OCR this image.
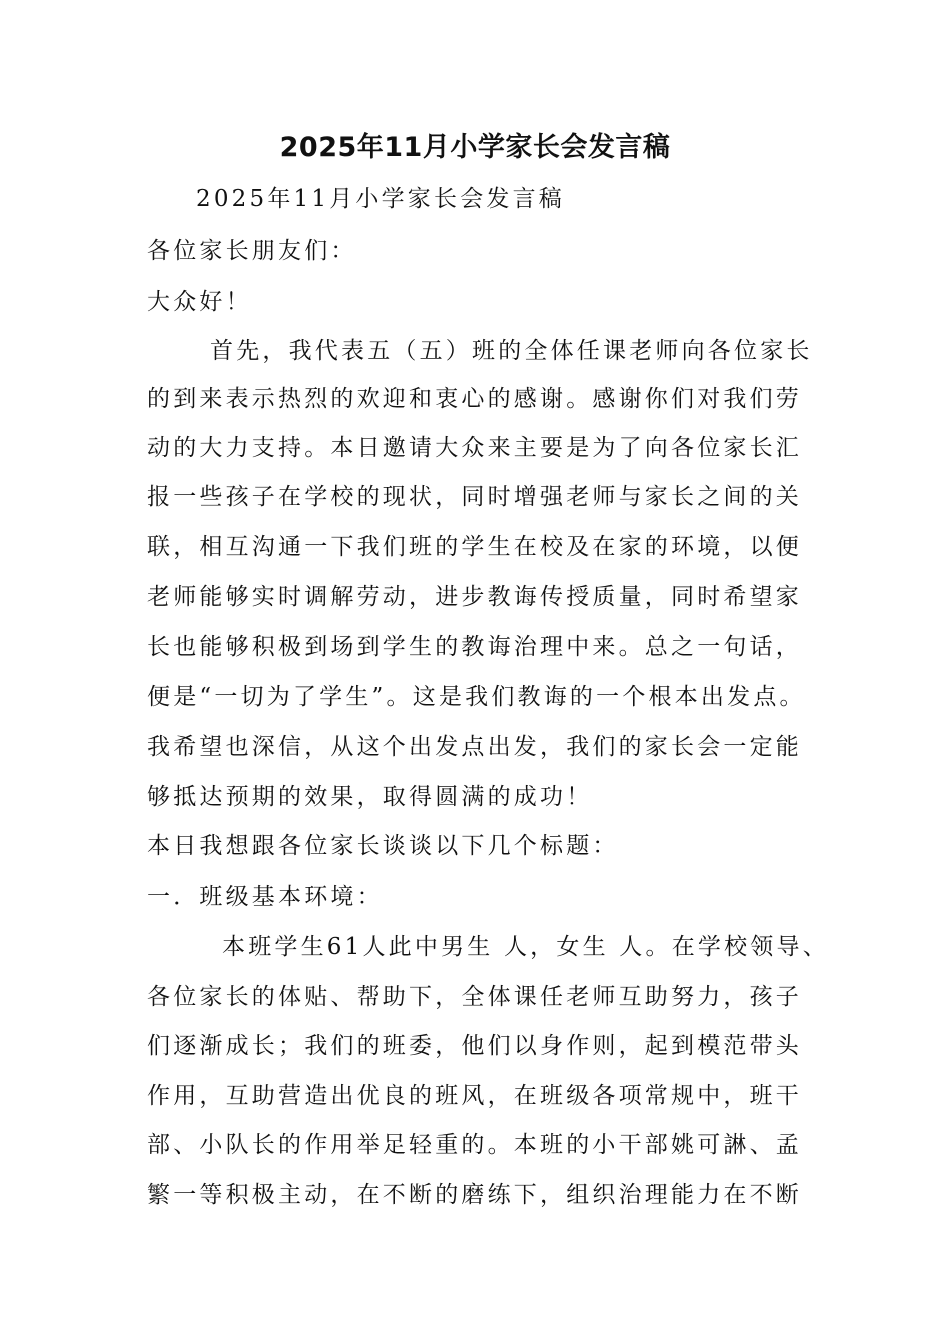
2025年11月小学家长会发言稿
2025年11月小学家长会发言稿
各位家长朋友们：
大众好！
首先，我代表五（五）班的全体任课老师向各位家长
的到来表示热烈的欢迎和衷心的感谢。感谢你们对我们劳
动的大力支持。本日邀请大众来主要是为了向各位家长汇
报一些孩子在学校的现状，同时增强老师与家长之间的关
联，相互沟通一下我们班的学生在校及在家的环境，以便
老师能够实时调解劳动，进步教诲传授质量，同时希望家
长也能够积极到场到学生的教诲治理中来。总之一句话，
便是“一切为了学生”。这是我们教诲的一个根本出发点。
我希望也深信，从这个出发点出发，我们的家长会一定能
够抵达预期的效果，取得圆满的成功！
本日我想跟各位家长谈谈以下几个标题：
一．班级基本环境：
本班学生61人此中男生 人，女生 人。在学校领导、
各位家长的体贴、帮助下，全体课任老师互助努力，孩子
们逐渐成长；我们的班委，他们以身作则，起到模范带头
作用，互助营造出优良的班风，在班级各项常规中，班干
部、小队长的作用举足轻重的。本班的小干部姚可諃、孟
繁一等积极主动，在不断的磨练下，组织治理能力在不断
